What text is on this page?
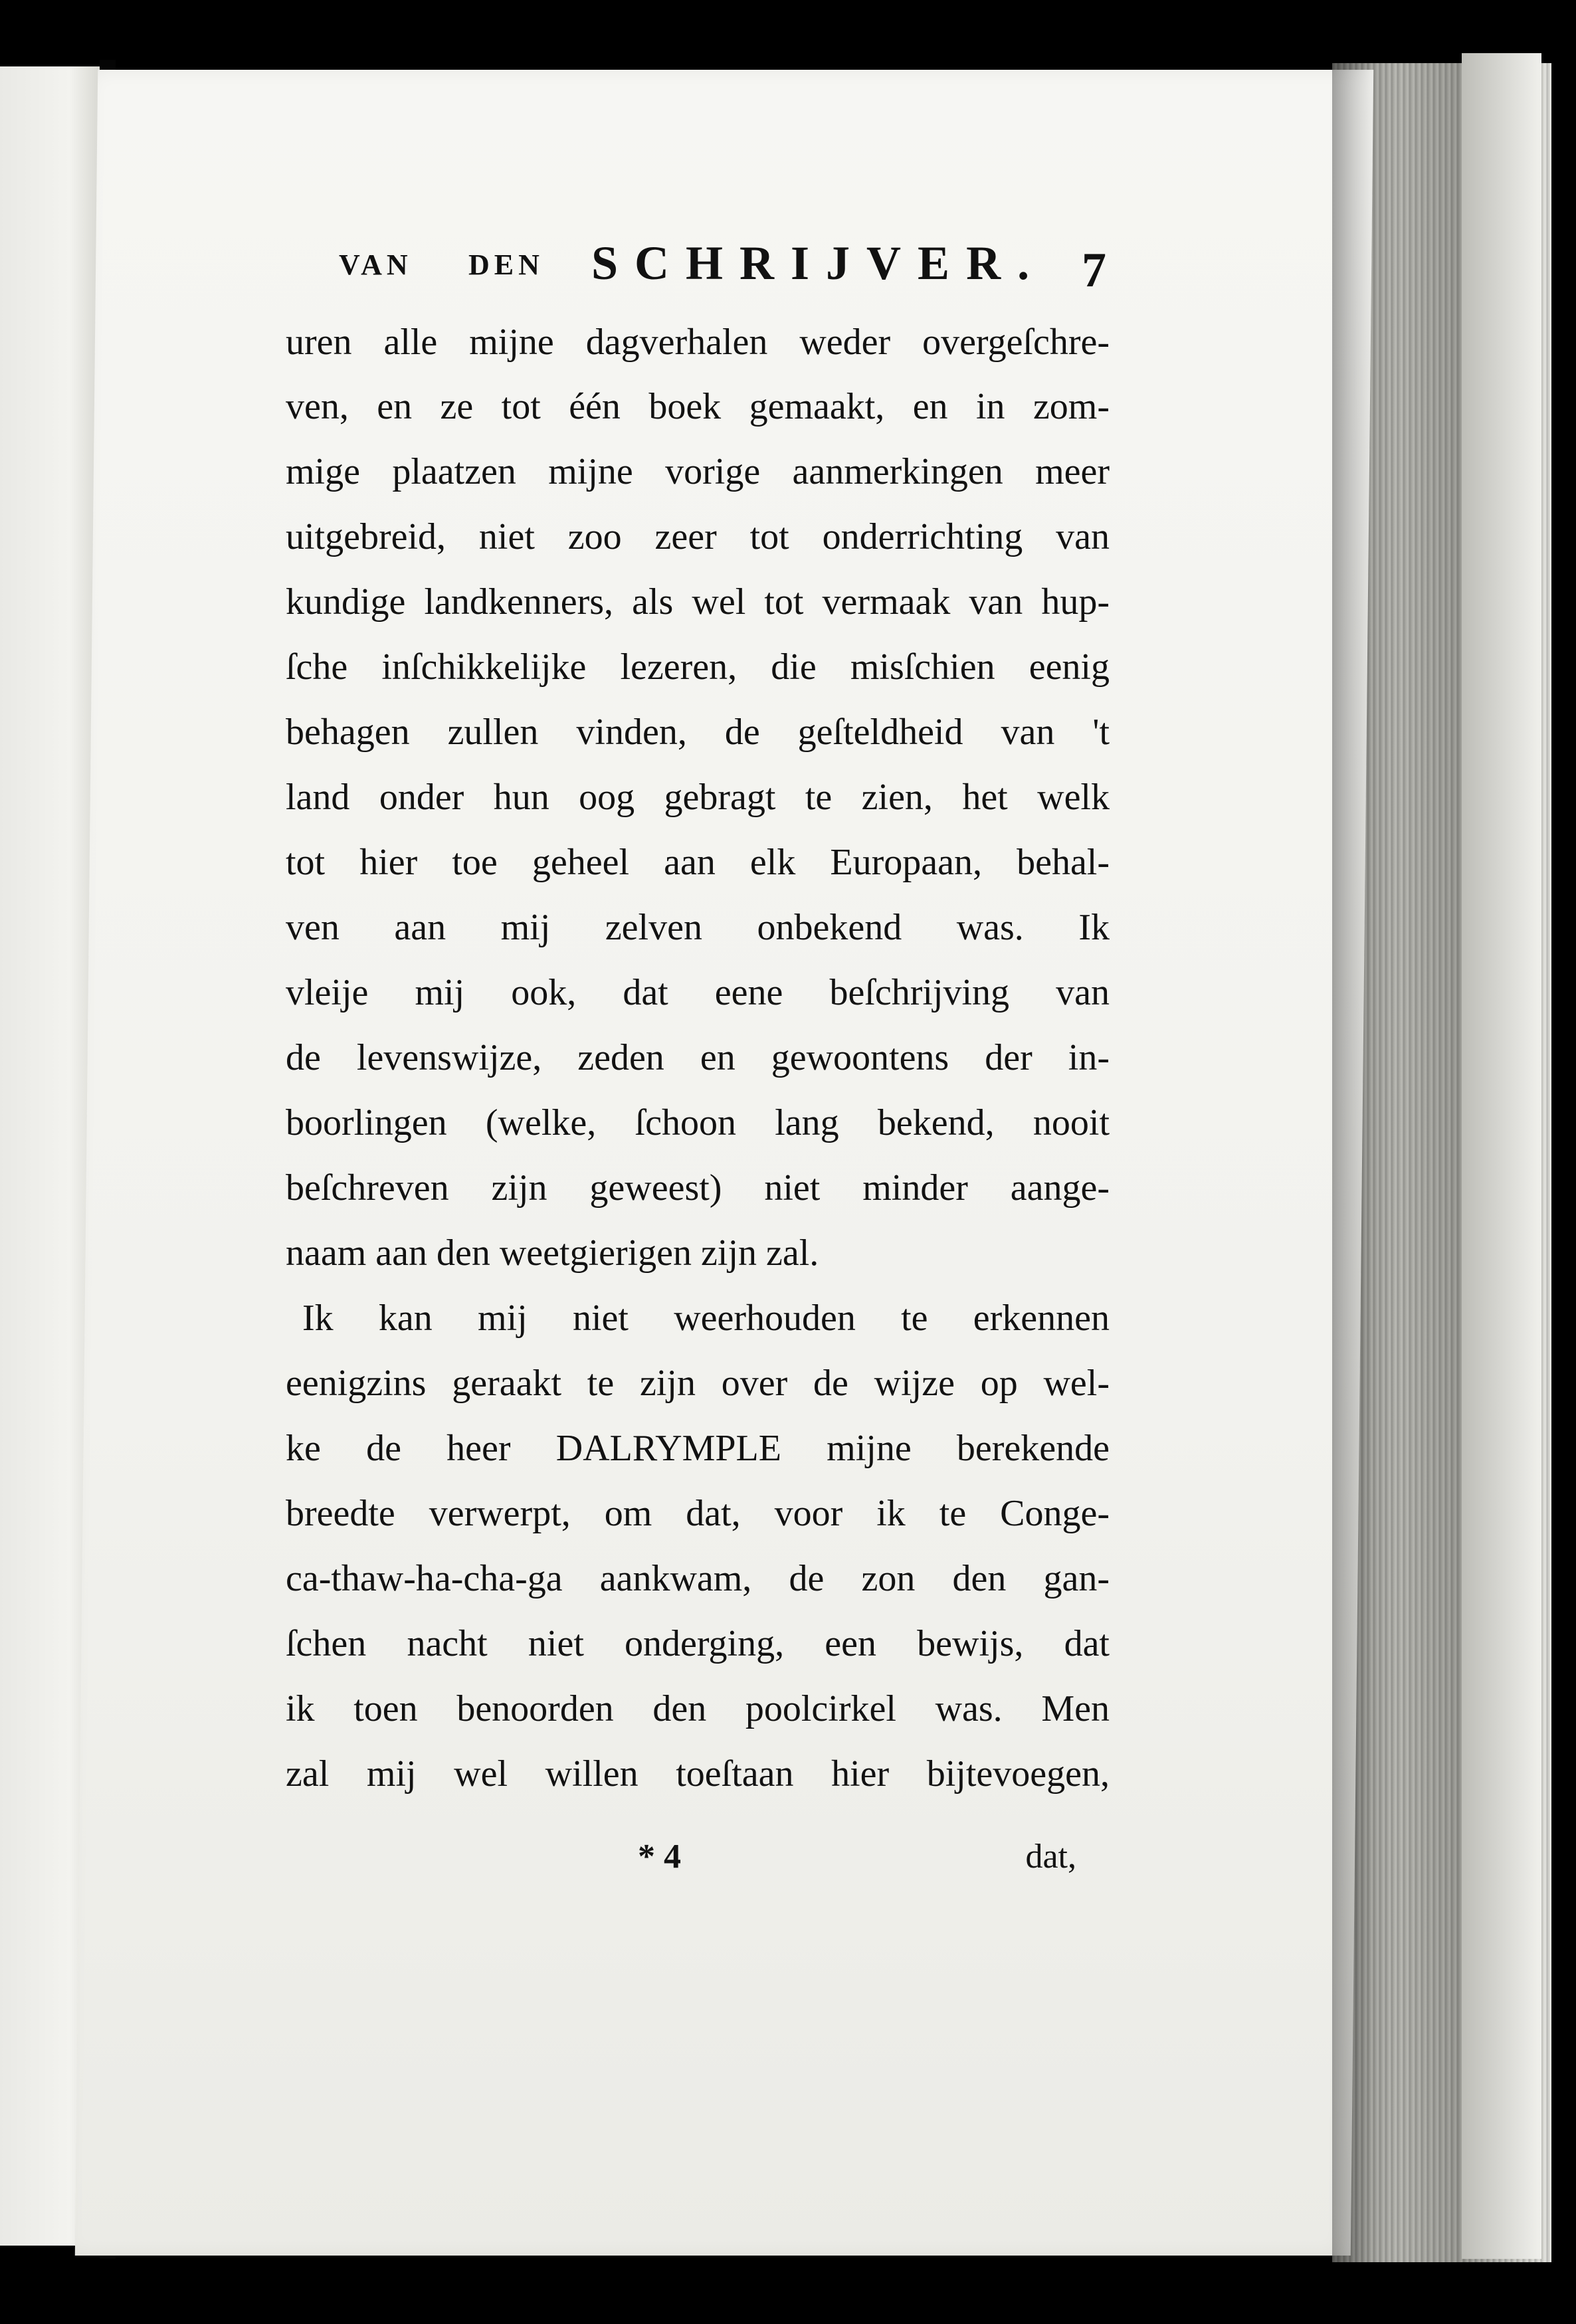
VAN DEN SCHRIJVER. 7
uren alle mijne dagverhalen weder overgeſchre-
ven, en ze tot één boek gemaakt, en in zom-
mige plaatzen mijne vorige aanmerkingen meer
uitgebreid, niet zoo zeer tot onderrichting van
kundige landkenners, als wel tot vermaak van hup-
ſche inſchikkelijke lezeren, die misſchien eenig
behagen zullen vinden, de geſteldheid van 't
land onder hun oog gebragt te zien, het welk
tot hier toe geheel aan elk Europaan, behal-
ven aan mij zelven onbekend was. Ik
vleije mij ook, dat eene beſchrijving van
de levenswijze, zeden en gewoontens der in-
boorlingen (welke, ſchoon lang bekend, nooit
beſchreven zijn geweest) niet minder aange-
naam aan den weetgierigen zijn zal.
Ik kan mij niet weerhouden te erkennen
eenigzins geraakt te zijn over de wijze op wel-
ke de heer DALRYMPLE mijne berekende
breedte verwerpt, om dat, voor ik te Conge-
ca-thaw-ha-cha-ga aankwam, de zon den gan-
ſchen nacht niet onderging, een bewijs, dat
ik toen benoorden den poolcirkel was. Men
zal mij wel willen toeſtaan hier bijtevoegen,
* 4	dat,
